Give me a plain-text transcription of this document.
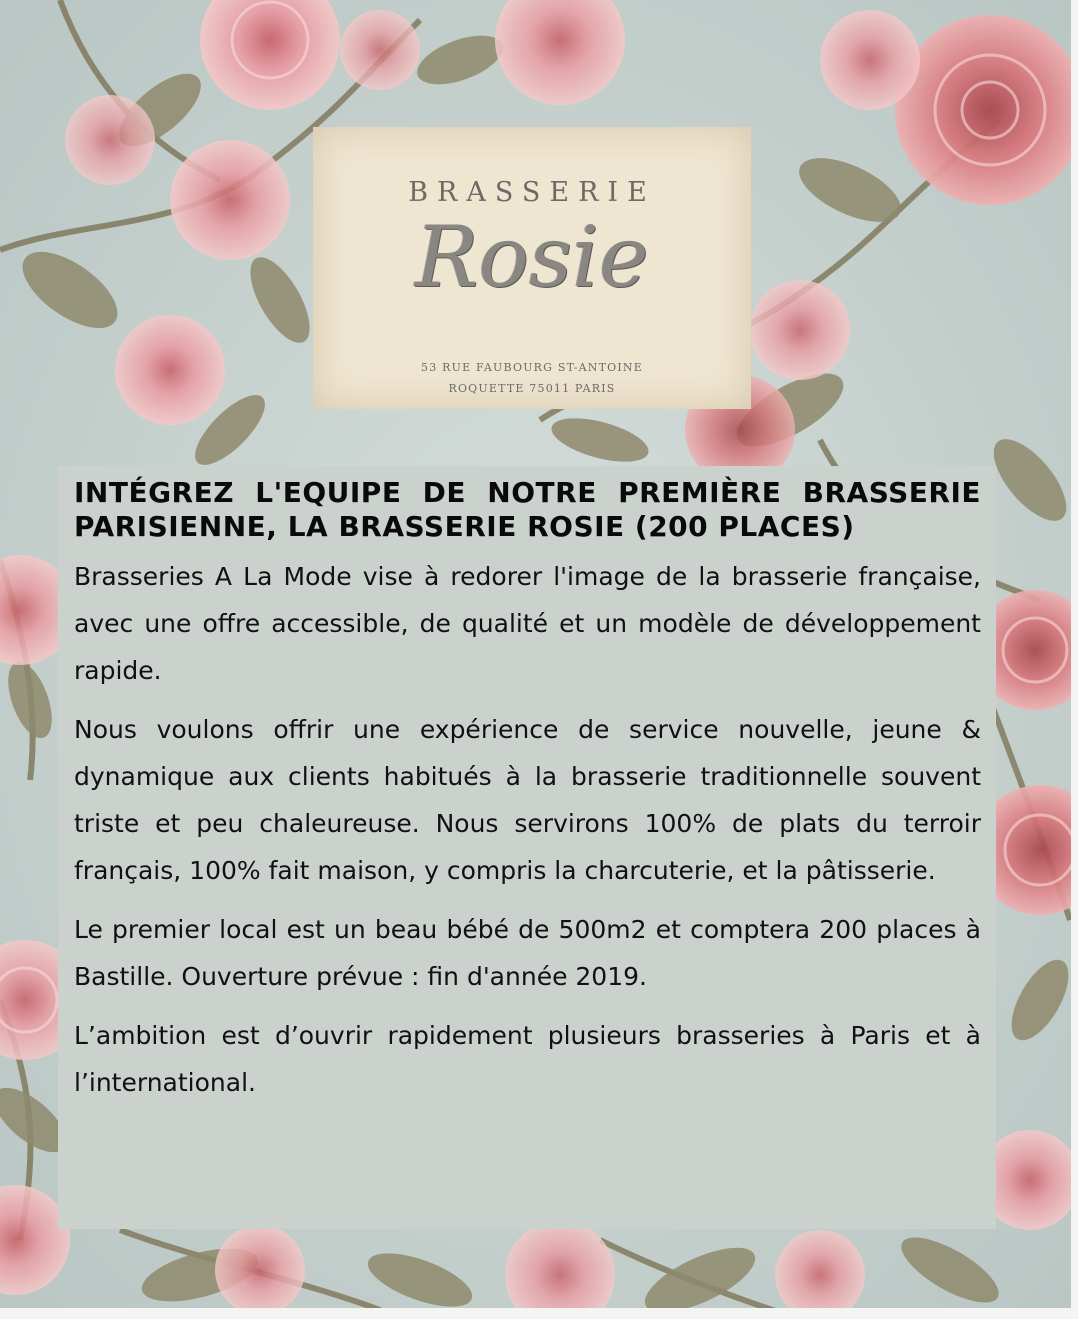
BRASSERIE
Rosie
53 RUE FAUBOURG ST-ANTOINE
ROQUETTE 75011 PARIS
INTÉGREZ L'EQUIPE DE NOTRE PREMIÈRE BRASSERIE PARISIENNE, LA BRASSERIE ROSIE (200 PLACES)

Brasseries A La Mode vise à redorer l'image de la brasserie française, avec une offre accessible, de qualité et un modèle de développement rapide.

Nous voulons offrir une expérience de service nouvelle, jeune & dynamique aux clients habitués à la brasserie traditionnelle souvent triste et peu chaleureuse. Nous servirons 100% de plats du terroir français, 100% fait maison, y compris la charcuterie, et la pâtisserie.

Le premier local est un beau bébé de 500m2 et comptera 200 places à Bastille. Ouverture prévue : fin d'année 2019.

L’ambition est d’ouvrir rapidement plusieurs brasseries à Paris et à l’international.
